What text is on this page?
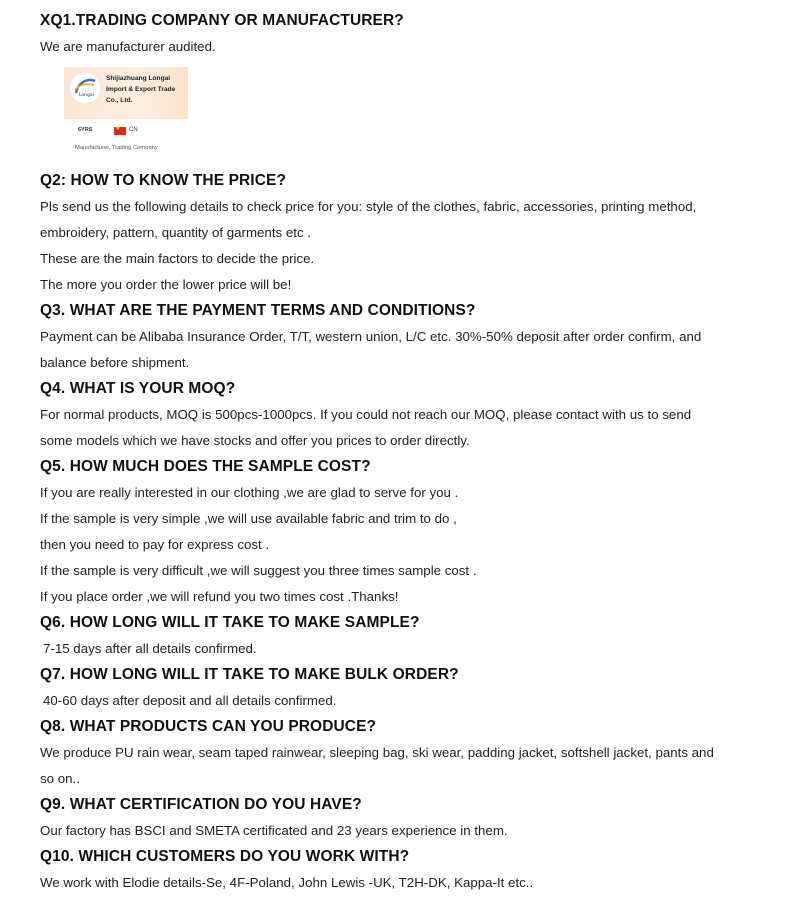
XQ1.TRADING COMPANY OR MANUFACTURER?

We are manufacturer audited.

Longai
Shijiazhuang Longai
Import & Export Trade
Co., Ltd.
6YRS
★	CN
Manufacturer, Trading Company
Q2: HOW TO KNOW THE PRICE?

Pls send us the following details to check price for you: style of the clothes, fabric, accessories, printing method,

embroidery, pattern, quantity of garments etc .

These are the main factors to decide the price.

The more you order the lower price will be!

Q3. WHAT ARE THE PAYMENT TERMS AND CONDITIONS?

Payment can be Alibaba Insurance Order, T/T, western union, L/C etc. 30%-50% deposit after order confirm, and

balance before shipment.

Q4. WHAT IS YOUR MOQ?

For normal products, MOQ is 500pcs-1000pcs. If you could not reach our MOQ, please contact with us to send

some models which we have stocks and offer you prices to order directly.

Q5. HOW MUCH DOES THE SAMPLE COST?

If you are really interested in our clothing ,we are glad to serve for you .

If the sample is very simple ,we will use available fabric and trim to do ,

then you need to pay for express cost .

If the sample is very difficult ,we will suggest you three times sample cost .

If you place order ,we will refund you two times cost .Thanks!

Q6. HOW LONG WILL IT TAKE TO MAKE SAMPLE?

7-15 days after all details confirmed.

Q7. HOW LONG WILL IT TAKE TO MAKE BULK ORDER?

40-60 days after deposit and all details confirmed.

Q8. WHAT PRODUCTS CAN YOU PRODUCE?

We produce PU rain wear, seam taped rainwear, sleeping bag, ski wear, padding jacket, softshell jacket, pants and

so on..

Q9. WHAT CERTIFICATION DO YOU HAVE?

Our factory has BSCI and SMETA certificated and 23 years experience in them.

Q10. WHICH CUSTOMERS DO YOU WORK WITH?

We work with Elodie details-Se, 4F-Poland, John Lewis -UK, T2H-DK, Kappa-It etc..
